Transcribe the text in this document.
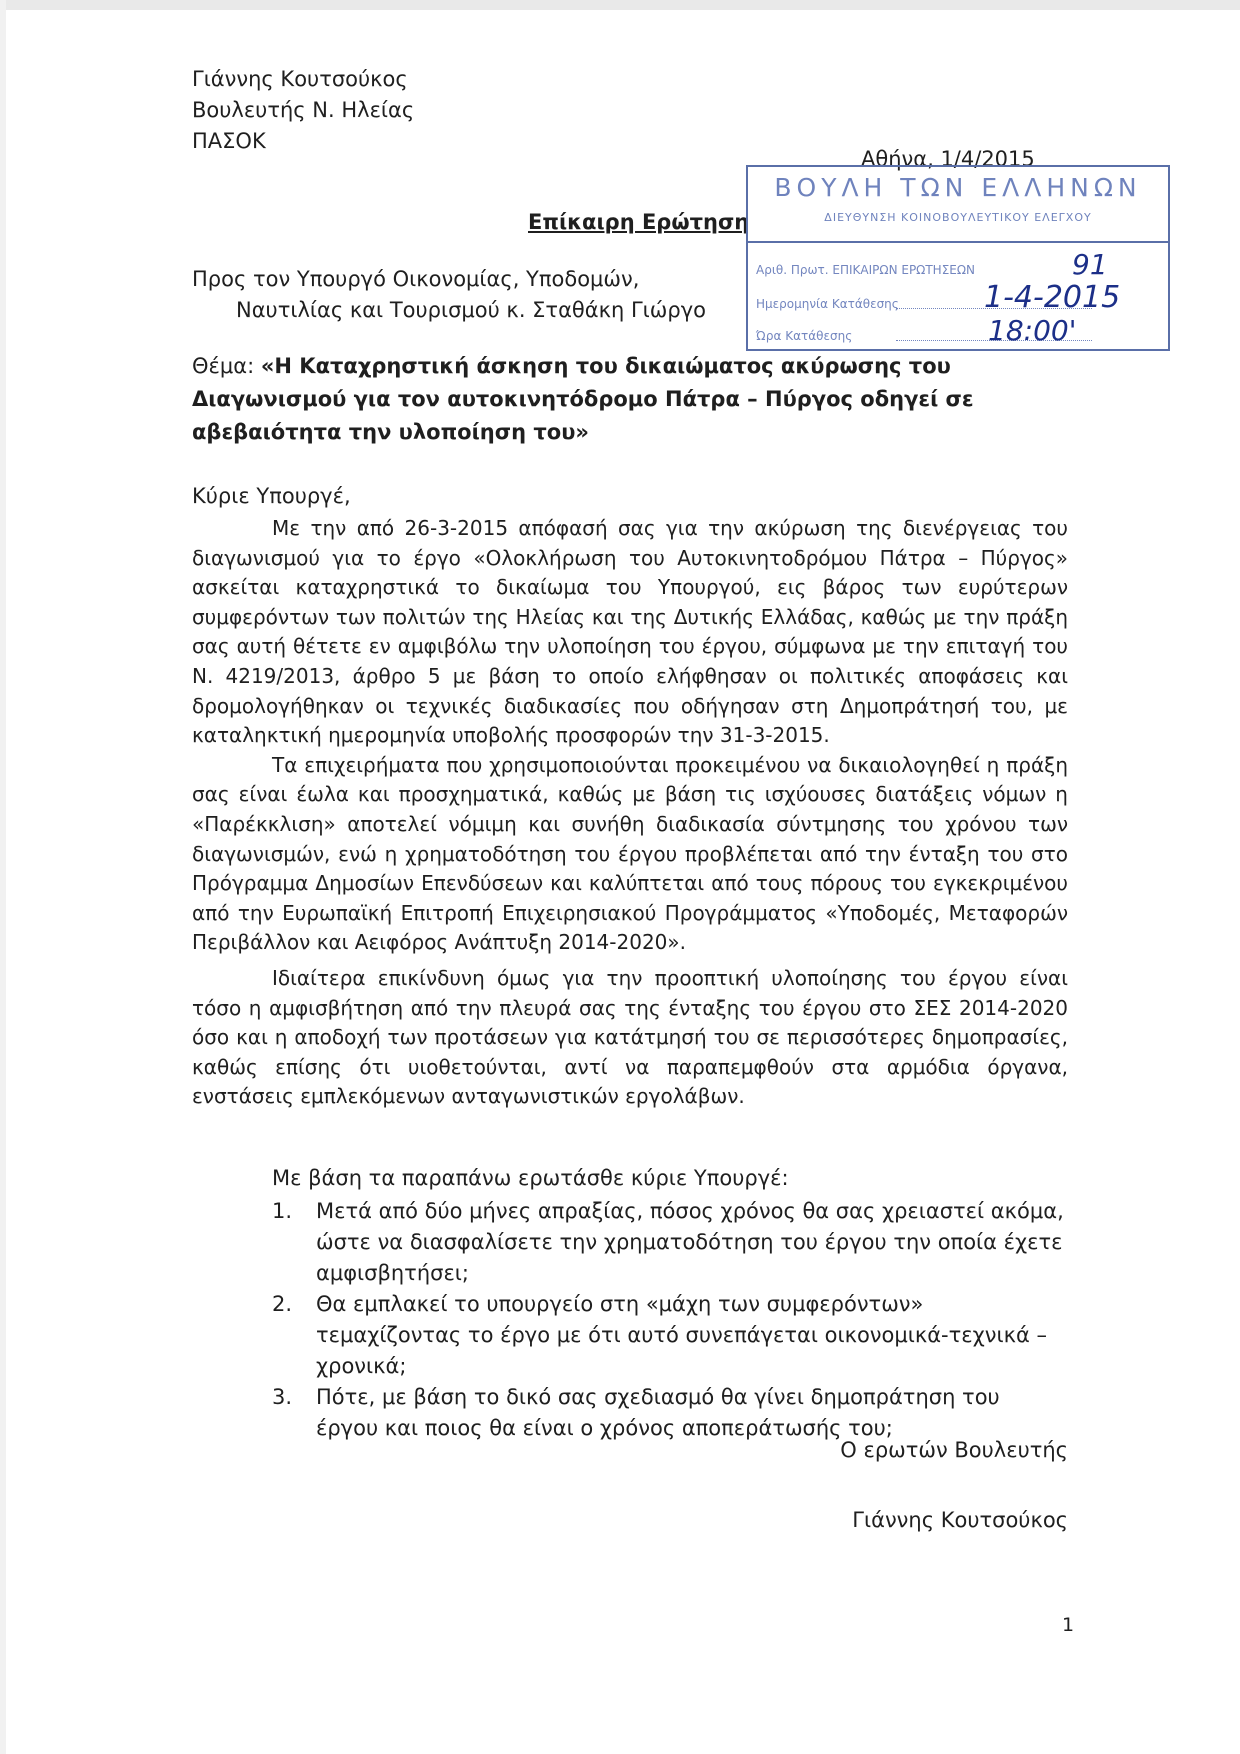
Γιάννης Κουτσούκος
Βουλευτής Ν. Ηλείας
ΠΑΣΟΚ
Αθήνα, 1/4/2015
Επίκαιρη Ερώτηση
Προς τον Υπουργό Οικονομίας, Υποδομών,
Ναυτιλίας και Τουρισμού κ. Σταθάκη Γιώργο
ΒΟΥΛΗ ΤΩΝ ΕΛΛΗΝΩΝ
ΔΙΕΥΘΥΝΣΗ ΚΟΙΝΟΒΟΥΛΕΥΤΙΚΟΥ ΕΛΕΓΧΟΥ
Αριθ. Πρωτ. ΕΠΙΚΑΙΡΩΝ ΕΡΩΤΗΣΕΩΝ	91
Ημερομηνία Κατάθεσης	1-4-2015
Ώρα Κατάθεσης	18:00'
Θέμα: «Η Καταχρηστική άσκηση του δικαιώματος ακύρωσης του Διαγωνισμού για τον αυτοκινητόδρομο Πάτρα – Πύργος οδηγεί σε αβεβαιότητα την υλοποίηση του»
Κύριε Υπουργέ,

Με την από 26-3-2015 απόφασή σας για την ακύρωση της διενέργειας του διαγωνισμού για το έργο «Ολοκλήρωση του Αυτοκινητοδρόμου Πάτρα – Πύργος» ασκείται καταχρηστικά το δικαίωμα του Υπουργού, εις βάρος των ευρύτερων συμφερόντων των πολιτών της Ηλείας και της Δυτικής Ελλάδας, καθώς με την πράξη σας αυτή θέτετε εν αμφιβόλω την υλοποίηση του έργου, σύμφωνα με την επιταγή του Ν. 4219/2013, άρθρο 5 με βάση το οποίο ελήφθησαν οι πολιτικές αποφάσεις και δρομολογήθηκαν οι τεχνικές διαδικασίες που οδήγησαν στη Δημοπράτησή του, με καταληκτική ημερομηνία υποβολής προσφορών την 31-3-2015.

Τα επιχειρήματα που χρησιμοποιούνται προκειμένου να δικαιολογηθεί η πράξη σας είναι έωλα και προσχηματικά, καθώς με βάση τις ισχύουσες διατάξεις νόμων η «Παρέκκλιση» αποτελεί νόμιμη και συνήθη διαδικασία σύντμησης του χρόνου των διαγωνισμών, ενώ η χρηματοδότηση του έργου προβλέπεται από την ένταξη του στο Πρόγραμμα Δημοσίων Επενδύσεων και καλύπτεται από τους πόρους του εγκεκριμένου από την Ευρωπαϊκή Επιτροπή Επιχειρησιακού Προγράμματος «Υποδομές, Μεταφορών Περιβάλλον και Αειφόρος Ανάπτυξη 2014-2020».

Ιδιαίτερα επικίνδυνη όμως για την προοπτική υλοποίησης του έργου είναι τόσο η αμφισβήτηση από την πλευρά σας της ένταξης του έργου στο ΣΕΣ 2014-2020 όσο και η αποδοχή των προτάσεων για κατάτμησή του σε περισσότερες δημοπρασίες, καθώς επίσης ότι υιοθετούνται, αντί να παραπεμφθούν στα αρμόδια όργανα, ενστάσεις εμπλεκόμενων ανταγωνιστικών εργολάβων.

Με βάση τα παραπάνω ερωτάσθε κύριε Υπουργέ:
1. Μετά από δύο μήνες απραξίας, πόσος χρόνος θα σας χρειαστεί ακόμα, ώστε να διασφαλίσετε την χρηματοδότηση του έργου την οποία έχετε αμφισβητήσει;
2. Θα εμπλακεί το υπουργείο στη «μάχη των συμφερόντων» τεμαχίζοντας το έργο με ότι αυτό συνεπάγεται οικονομικά-τεχνικά – χρονικά;
3. Πότε, με βάση το δικό σας σχεδιασμό θα γίνει δημοπράτηση του έργου και ποιος θα είναι ο χρόνος αποπεράτωσής του;
Ο ερωτών Βουλευτής
Γιάννης Κουτσούκος
1
